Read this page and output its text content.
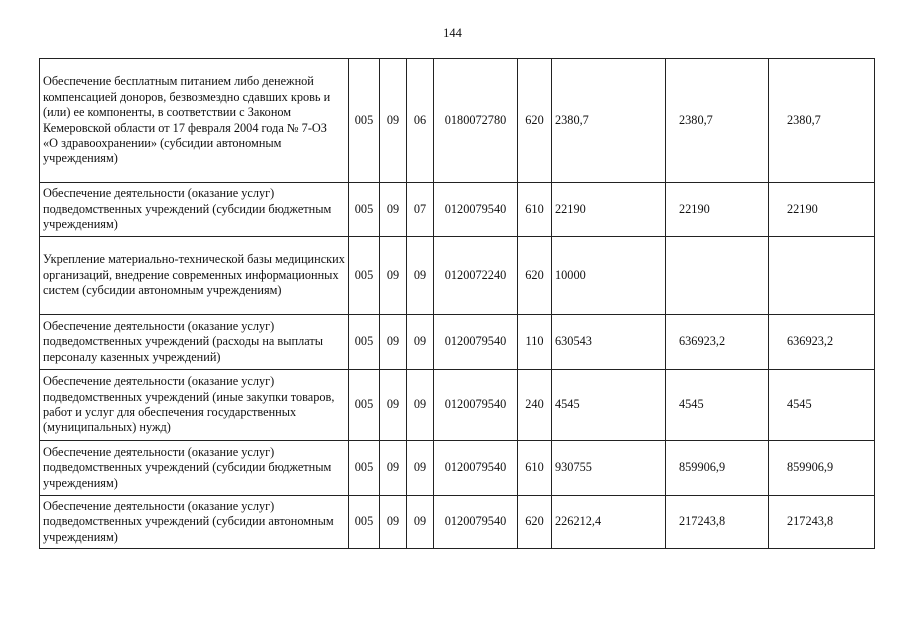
144
Обеспечение бесплатным питанием либо денежной компенсацией доноров, безвозмездно сдавших кровь и (или) ее компоненты, в соответствии с Законом Кемеровской области от 17 февраля 2004 года № 7-ОЗ «О здравоохранении» (субсидии автономным учреждениям)	005	09	06	0180072780	620	2380,7	2380,7	2380,7
Обеспечение деятельности (оказание услуг) подведомственных учреждений (субсидии бюджетным учреждениям)	005	09	07	0120079540	610	22190	22190	22190
Укрепление материально-технической базы медицинских организаций, внедрение современных информационных систем (субсидии автономным учреждениям)	005	09	09	0120072240	620	10000		
Обеспечение деятельности (оказание услуг) подведомственных учреждений (расходы на выплаты персоналу казенных учреждений)	005	09	09	0120079540	110	630543	636923,2	636923,2
Обеспечение деятельности (оказание услуг) подведомственных учреждений (иные закупки товаров, работ и услуг для обеспечения государственных (муниципальных) нужд)	005	09	09	0120079540	240	4545	4545	4545
Обеспечение деятельности (оказание услуг) подведомственных учреждений (субсидии бюджетным учреждениям)	005	09	09	0120079540	610	930755	859906,9	859906,9
Обеспечение деятельности (оказание услуг) подведомственных учреждений (субсидии автономным учреждениям)	005	09	09	0120079540	620	226212,4	217243,8	217243,8
